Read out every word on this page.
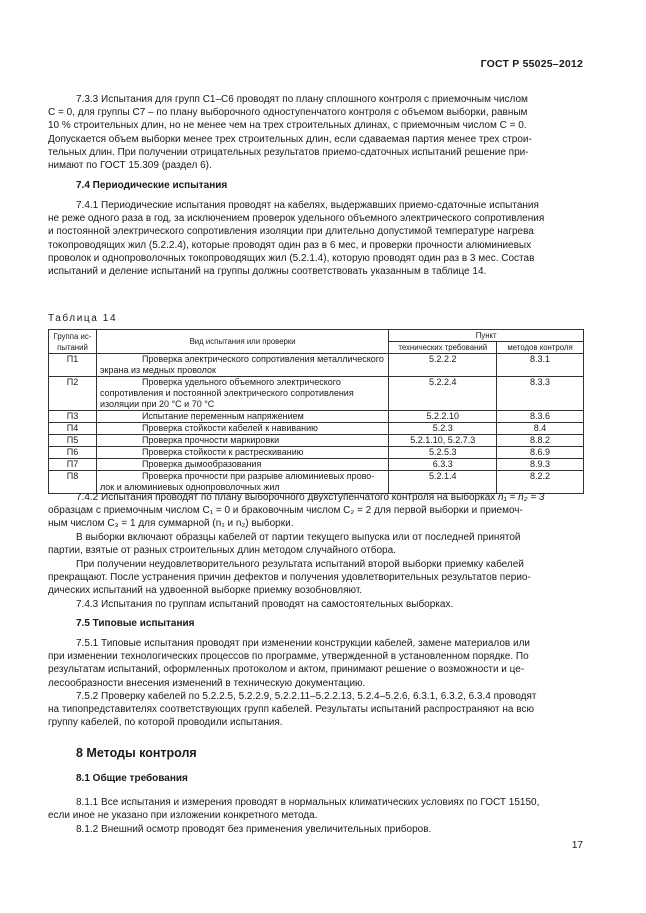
ГОСТ Р 55025–2012
7.3.3 Испытания для групп С1–С6 проводят по плану сплошного контроля с приемочным числом
С = 0, для группы С7 – по плану выборочного одноступенчатого контроля с объемом выборки, равным
10 % строительных длин, но не менее чем на трех строительных длинах, с приемочным числом С = 0.
Допускается объем выборки менее трех строительных длин, если сдаваемая партия менее трех строи-
тельных длин. При получении отрицательных результатов приемо-сдаточных испытаний решение при-
нимают по ГОСТ 15.309 (раздел 6).
7.4 Периодические испытания
7.4.1 Периодические испытания проводят на кабелях, выдержавших приемо-сдаточные испытания
не реже одного раза в год, за исключением проверок удельного объемного электрического сопротивления
и постоянной электрического сопротивления изоляции при длительно допустимой температуре нагрева
токопроводящих жил (5.2.2.4), которые проводят один раз в 6 мес, и проверки прочности алюминиевых
проволок и однопроволочных токопроводящих жил (5.2.1.4), которую проводят один раз в 3 мес. Состав
испытаний и деление испытаний на группы должны соответствовать указанным в таблице 14.
Таблица 14
Группа ис-пытаний	Вид испытания или проверки	Пункт	
		технических требований	методов контроля
П1	Проверка электрического сопротивления металлического экрана из медных проволок	5.2.2.2	8.3.1
П2	Проверка удельного объемного электрического сопротивления и постоянной электрического сопротивления изоляции при 20 °С и 70 °С	5.2.2.4	8.3.3
П3	Испытание переменным напряжением	5.2.2.10	8.3.6
П4	Проверка стойкости кабелей к навиванию	5.2.3	8.4
П5	Проверка прочности маркировки	5.2.1.10, 5.2.7.3	8.8.2
П6	Проверка стойкости к растрескиванию	5.2.5.3	8.6.9
П7	Проверка дымообразования	6.3.3	8.9.3
П8	Проверка прочности при разрыве алюминиевых прово-лок и алюминиевых однопроволочных жил	5.2.1.4	8.2.2
7.4.2 Испытания проводят по плану выборочного двухступенчатого контроля на выборках n₁ = n₂ = 3
образцам с приемочным числом С₁ = 0 и браковочным числом С₂ = 2 для первой выборки и приемоч-
ным числом С₃ = 1 для суммарной (n₁ и n₂) выборки.
В выборки включают образцы кабелей от партии текущего выпуска или от последней принятой
партии, взятые от разных строительных длин методом случайного отбора.
При получении неудовлетворительного результата испытаний второй выборки приемку кабелей
прекращают. После устранения причин дефектов и получения удовлетворительных результатов перио-
дических испытаний на удвоенной выборке приемку возобновляют.
7.4.3 Испытания по группам испытаний проводят на самостоятельных выборках.
7.5 Типовые испытания
7.5.1 Типовые испытания проводят при изменении конструкции кабелей, замене материалов или
при изменении технологических процессов по программе, утвержденной в установленном порядке. По
результатам испытаний, оформленных протоколом и актом, принимают решение о возможности и це-
лесообразности внесения изменений в техническую документацию.
7.5.2 Проверку кабелей по 5.2.2.5, 5.2.2.9, 5.2.2.11–5.2.2.13, 5.2.4–5.2.6, 6.3.1, 6.3.2, 6.3.4 проводят
на типопредставителях соответствующих групп кабелей. Результаты испытаний распространяют на всю
группу кабелей, по которой проводили испытания.
8 Методы контроля
8.1 Общие требования
8.1.1 Все испытания и измерения проводят в нормальных климатических условиях по ГОСТ 15150,
если иное не указано при изложении конкретного метода.
8.1.2 Внешний осмотр проводят без применения увеличительных приборов.
17
